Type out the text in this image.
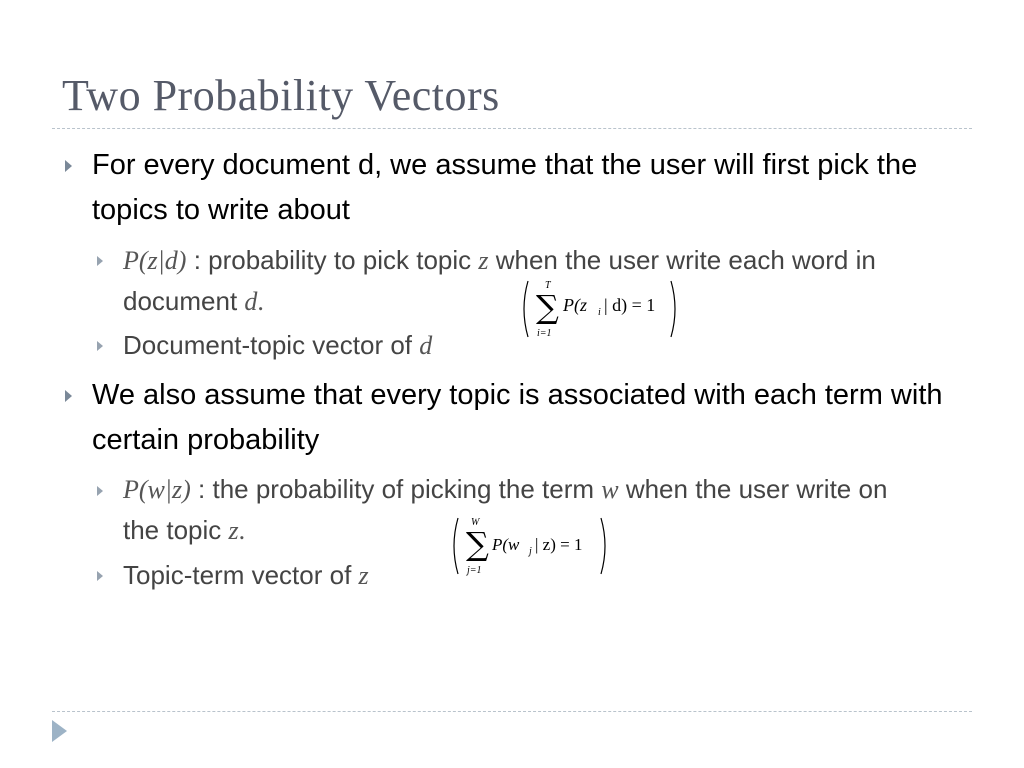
Two Probability Vectors
For every document d, we assume that the user will first pick the topics to write about
P(z|d) : probability to pick topic z when the user write each word in document d.
Document-topic vector of d
T
∑
i=1
P(z i | d) = 1
We also assume that every topic is associated with each term with certain probability
P(w|z) : the probability of picking the term w when the user write on the topic z.
Topic-term vector of z
W
∑
j=1
P(w j | z) = 1
